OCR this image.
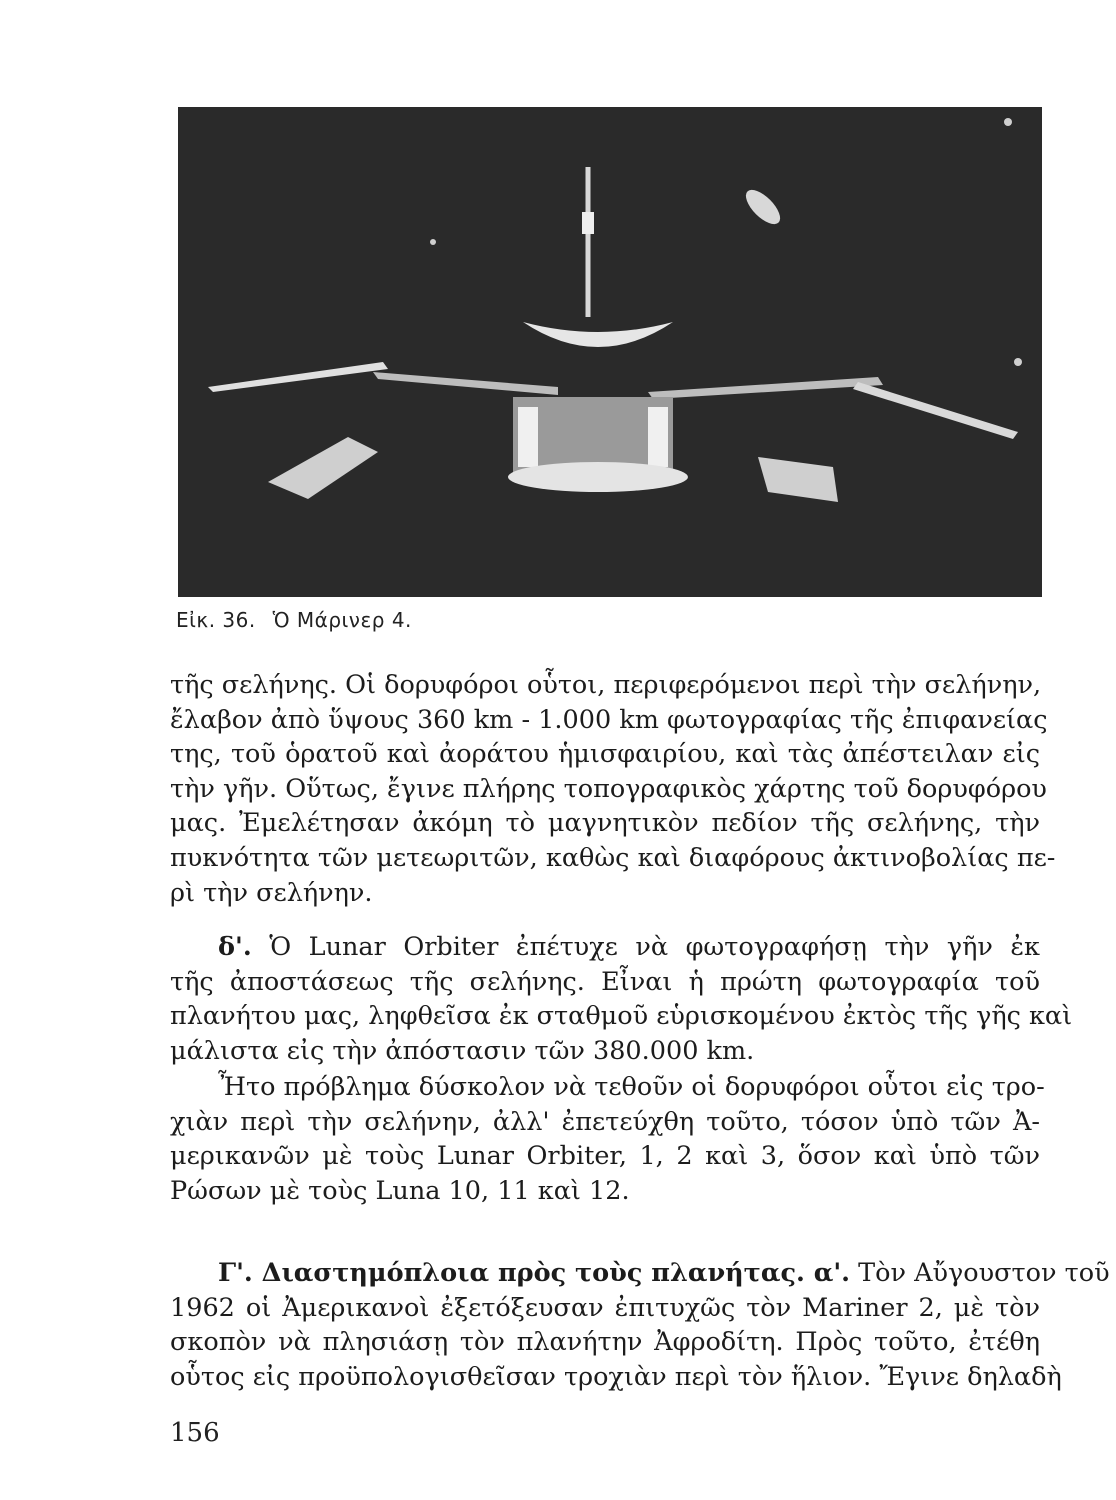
Εἰκ. 36. Ὁ Μάρινερ 4.
τῆς σελήνης. Οἱ δορυφόροι οὗτοι, περιφερόμενοι περὶ τὴν σελήνην,
ἔλαβον ἀπὸ ὕψους 360 km - 1.000 km φωτογραφίας τῆς ἐπιφανείας
της, τοῦ ὁρατοῦ καὶ ἀοράτου ἡμισφαιρίου, καὶ τὰς ἀπέστειλαν εἰς
τὴν γῆν. Οὕτως, ἔγινε πλήρης τοπογραφικὸς χάρτης τοῦ δορυφόρου
μας. Ἐμελέτησαν ἀκόμη τὸ μαγνητικὸν πεδίον τῆς σελήνης, τὴν
πυκνότητα τῶν μετεωριτῶν, καθὼς καὶ διαφόρους ἀκτινοβολίας πε-
ρὶ τὴν σελήνην.
δ'. Ὁ Lunar Orbiter ἐπέτυχε νὰ φωτογραφήσῃ τὴν γῆν ἐκ
τῆς ἀποστάσεως τῆς σελήνης. Εἶναι ἡ πρώτη φωτογραφία τοῦ
πλανήτου μας, ληφθεῖσα ἐκ σταθμοῦ εὑρισκομένου ἐκτὸς τῆς γῆς καὶ
μάλιστα εἰς τὴν ἀπόστασιν τῶν 380.000 km.
Ἦτο πρόβλημα δύσκολον νὰ τεθοῦν οἱ δορυφόροι οὗτοι εἰς τρο-
χιὰν περὶ τὴν σελήνην, ἀλλ' ἐπετεύχθη τοῦτο, τόσον ὑπὸ τῶν Ἀ-
μερικανῶν μὲ τοὺς Lunar Orbiter, 1, 2 καὶ 3, ὅσον καὶ ὑπὸ τῶν
Ρώσων μὲ τοὺς Luna 10, 11 καὶ 12.
Γ'. Διαστημόπλοια πρὸς τοὺς πλανήτας. α'. Τὸν Αὔγουστον τοῦ
1962 οἱ Ἀμερικανοὶ ἐξετόξευσαν ἐπιτυχῶς τὸν Mariner 2, μὲ τὸν
σκοπὸν νὰ πλησιάσῃ τὸν πλανήτην Ἀφροδίτη. Πρὸς τοῦτο, ἐτέθη
οὗτος εἰς προϋπολογισθεῖσαν τροχιὰν περὶ τὸν ἥλιον. Ἔγινε δηλαδὴ
156
